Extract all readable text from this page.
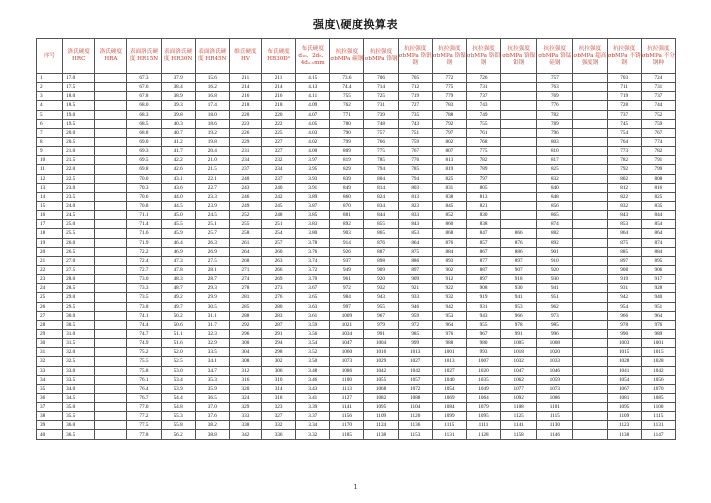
强度\硬度换算表
序号	洛氏硬度 HRC	洛氏硬度 HRA	表面洛氏硬度 HR15N	表面洛氏硬度 HR30N	表面洛氏硬度 HR45N	维氏硬度 HV	布氏硬度 HB30D²	布氏硬度 d₁₀、2d₅、4d₂.₅mm	抗拉强度 σbMPa 碳钢	抗拉强度 σbMPa 铬钢	抗拉强度 σbMPa 铬钒钢	抗拉强度 σbMPa 铬镍钢	抗拉强度 σbMPa 铬钼钢	抗拉强度 σbMPa 铬镍钼钢	抗拉强度 σbMPa 铬锰硅钢	抗拉强度 σbMPa 超高强度钢	抗拉强度 σbMPa 不锈钢	抗拉强度 σbMPa 不分钢种
1	17.0		67.3	37.9	15.6	211	211	4.15	73.6	706	705	772	726		757		703	724
2	17.5		67.6	38.4	16.2	214	214	4.13	74.4	714	712	775	731		763		711	731
3	18.0		67.8	38.9	16.8	216	216	4.11	755	725	719	779	737		769		719	737
4	18.5		68.0	39.3	17.4	218	218	4.09	762	731	727	783	743		776		728	744
5	19.0		68.3	39.8	18.0	220	220	4.07	771	739	735	788	749		782		737	752
6	19.5		68.5	40.3	18.6	223	222	4.05	780	748	743	792	755		789		745	759
7	20.0		68.8	40.7	19.2	226	225	4.03	790	757	751	797	761		796		754	767
8	20.5		69.0	41.2	19.8	229	227	4.02	799	766	759	802	768		803		764	774
9	21.0		69.3	41.7	20.4	231	227	4.00	809	775	767	807	775		810		773	782
10	21.5		69.5	42.2	21.0	234	232	3.97	819	785	776	813	782		817		782	791
11	22.0		69.8	42.6	21.5	237	234	3.95	829	794	785	819	789		825		792	799
12	22.5		70.0	43.1	22.1	240	237	3.93	839	804	794	825	797		832		802	808
13	23.0		70.3	43.6	22.7	243	240	3.91	849	814	803	831	805		840		812	816
14	23.5		70.6	44.0	23.3	246	242	3.89	860	824	813	838	813		848		822	825
15	24.0		70.8	44.5	23.9	249	245	3.87	870	834	823	845	821		856		832	835
16	24.5		71.1	45.0	24.5	252	248	3.85	881	844	833	852	830		865		843	844
17	25.0		71.4	45.5	25.1	255	251	3.83	892	855	843	860	838		874		853	854
18	25.5		71.6	45.9	25.7	258	254	3.80	903	865	853	868	847	866	882		864	864
19	26.0		71.9	46.4	26.3	261	257	3.78	914	876	864	876	857	876	892		875	874
20	26.5		72.2	46.9	26.9	264	260	3.76	926	887	875	884	867	886	901		885	884
21	27.0		72.4	47.3	27.5	268	263	3.74	937	898	886	893	877	897	910		897	895
22	27.5		72.7	47.8	28.1	271	266	3.72	949	909	897	902	887	907	920		908	906
23	28.0		73.0	48.3	28.7	274	269	3.70	961	920	909	912	897	918	930		919	917
24	28.5		73.3	48.7	29.3	278	273	3.67	972	932	921	922	908	930	941		931	928
25	29.0		73.5	49.2	29.9	281	276	3.65	984	943	933	932	919	941	951		942	940
26	29.5		73.8	49.7	30.5	285	280	3.63	997	955	946	942	931	953	962		954	951
27	30.0		74.1	50.2	31.1	288	283	3.61	1009	967	959	953	943	966	973		966	964
28	30.5		74.4	50.6	31.7	292	287	3.59	1021	979	972	964	955	978	985		978	976
29	31.0		74.7	51.1	32.3	296	291	3.56	1034	991	985	976	967	991	996		990	989
30	31.5		74.9	51.6	32.9	300	294	3.54	1047	1004	999	988	980	1005	1008		1003	1001
31	32.0		75.2	52.0	33.5	304	298	3.52	1060	1016	1013	1001	993	1018	1020		1015	1015
32	32.5		75.5	52.5	34.1	308	302	3.50	1073	1029	1027	1013	1007	1032	1033		1028	1028
33	33.0		75.8	53.0	34.7	312	306	3.48	1086	1042	1042	1027	1020	1047	1046		1041	1042
34	33.5		76.1	53.4	35.3	316	310	3.46	1100	1055	1057	1040	1035	1062	1059		1054	1056
35	34.0		76.4	53.9	35.9	320	314	3.43	1113	1068	1072	1054	1049	1077	1073		1067	1070
36	34.5		76.7	54.4	36.5	324	318	3.41	1127	1082	1088	1069	1064	1092	1086		1081	1085
37	35.0		77.0	54.8	37.0	329	323	3.39	1141	1095	1104	1084	1079	1108	1101		1095	1100
38	35.5		77.2	55.3	37.6	333	327	3.37	1156	1109	1120	1099	1095	1125	1115		1109	1115
39	36.0		77.5	55.8	38.2	338	332	3.34	1170	1124	1136	1115	1111	1141	1130		1123	1131
40	36.5		77.8	56.2	38.8	342	336	3.32	1185	1138	1153	1131	1128	1158	1146		1138	1147
1
